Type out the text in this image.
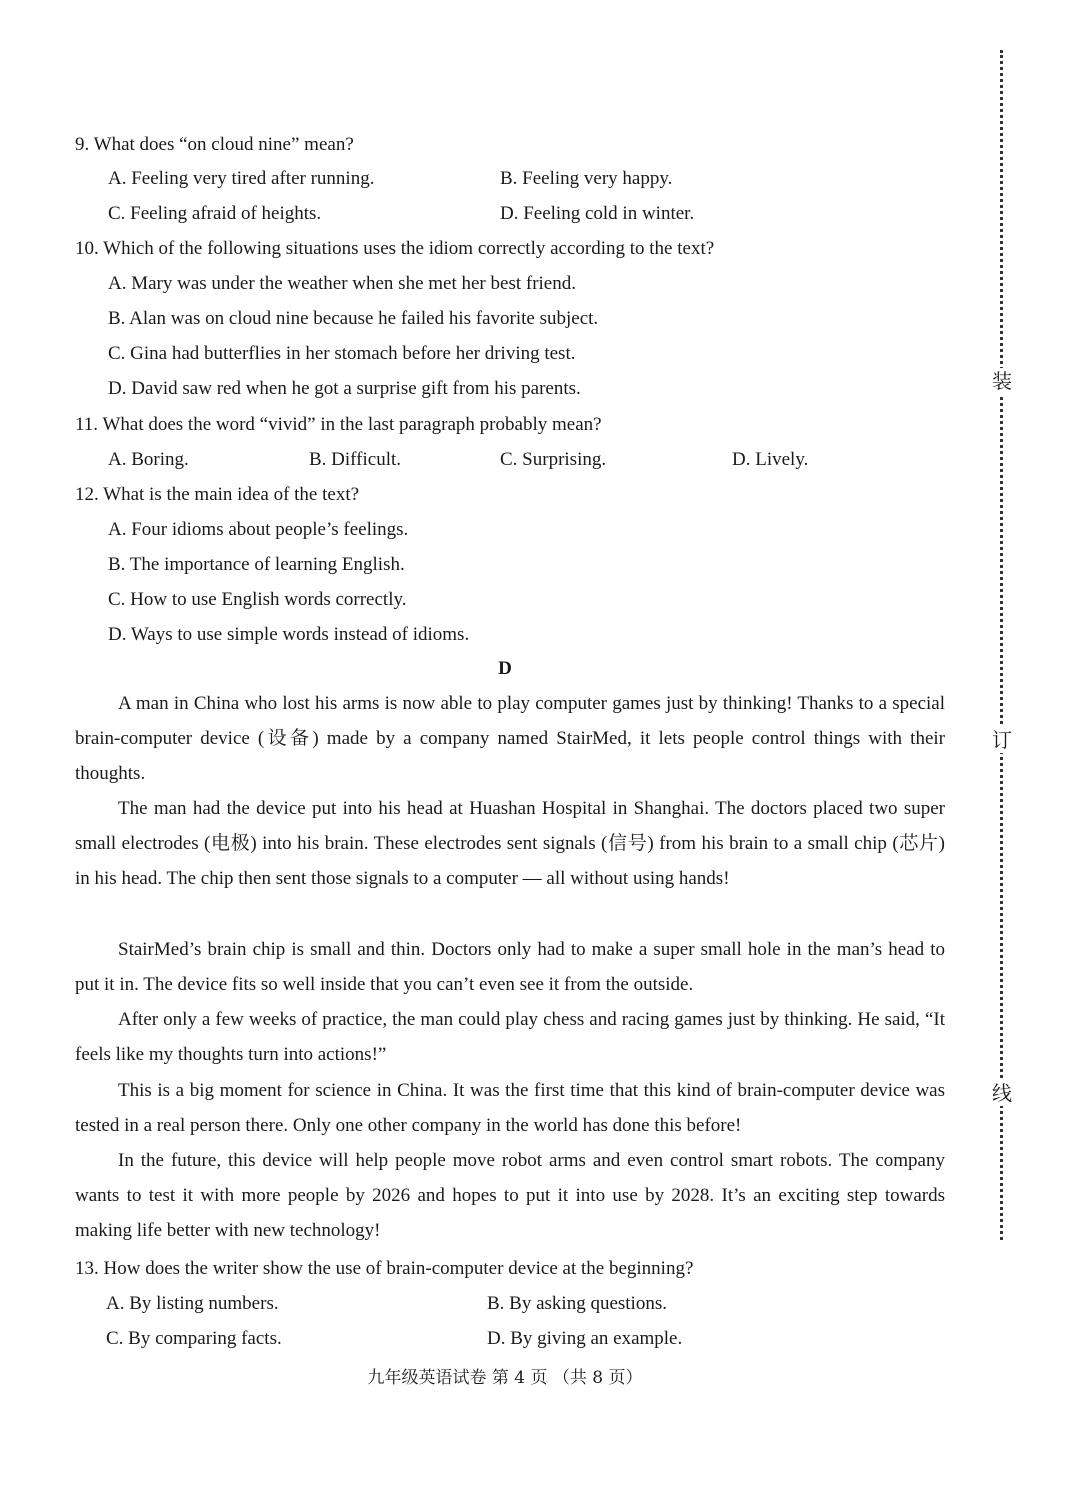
9. What does “on cloud nine” mean?
A. Feeling very tired after running.	B. Feeling very happy.
C. Feeling afraid of heights.	D. Feeling cold in winter.
10. Which of the following situations uses the idiom correctly according to the text?
A. Mary was under the weather when she met her best friend.
B. Alan was on cloud nine because he failed his favorite subject.
C. Gina had butterflies in her stomach before her driving test.
D. David saw red when he got a surprise gift from his parents.
11. What does the word “vivid” in the last paragraph probably mean?
A. Boring.	B. Difficult.	C. Surprising.	D. Lively.
12. What is the main idea of the text?
A. Four idioms about people’s feelings.
B. The importance of learning English.
C. How to use English words correctly.
D. Ways to use simple words instead of idioms.
D
A man in China who lost his arms is now able to play computer games just by thinking! Thanks to a special brain-computer device (设备) made by a company named StairMed, it lets people control things with their thoughts.
The man had the device put into his head at Huashan Hospital in Shanghai. The doctors placed two super small electrodes (电极) into his brain. These electrodes sent signals (信号) from his brain to a small chip (芯片) in his head. The chip then sent those signals to a computer — all without using hands!
StairMed’s brain chip is small and thin. Doctors only had to make a super small hole in the man’s head to put it in. The device fits so well inside that you can’t even see it from the outside.
After only a few weeks of practice, the man could play chess and racing games just by thinking. He said, “It feels like my thoughts turn into actions!”
This is a big moment for science in China. It was the first time that this kind of brain-computer device was tested in a real person there. Only one other company in the world has done this before!
In the future, this device will help people move robot arms and even control smart robots. The company wants to test it with more people by 2026 and hopes to put it into use by 2028. It’s an exciting step towards making life better with new technology!
13. How does the writer show the use of brain-computer device at the beginning?
A. By listing numbers.	B. By asking questions.
C. By comparing facts.	D. By giving an example.
九年级英语试卷 第 4 页 （共 8 页）
装
订
线
